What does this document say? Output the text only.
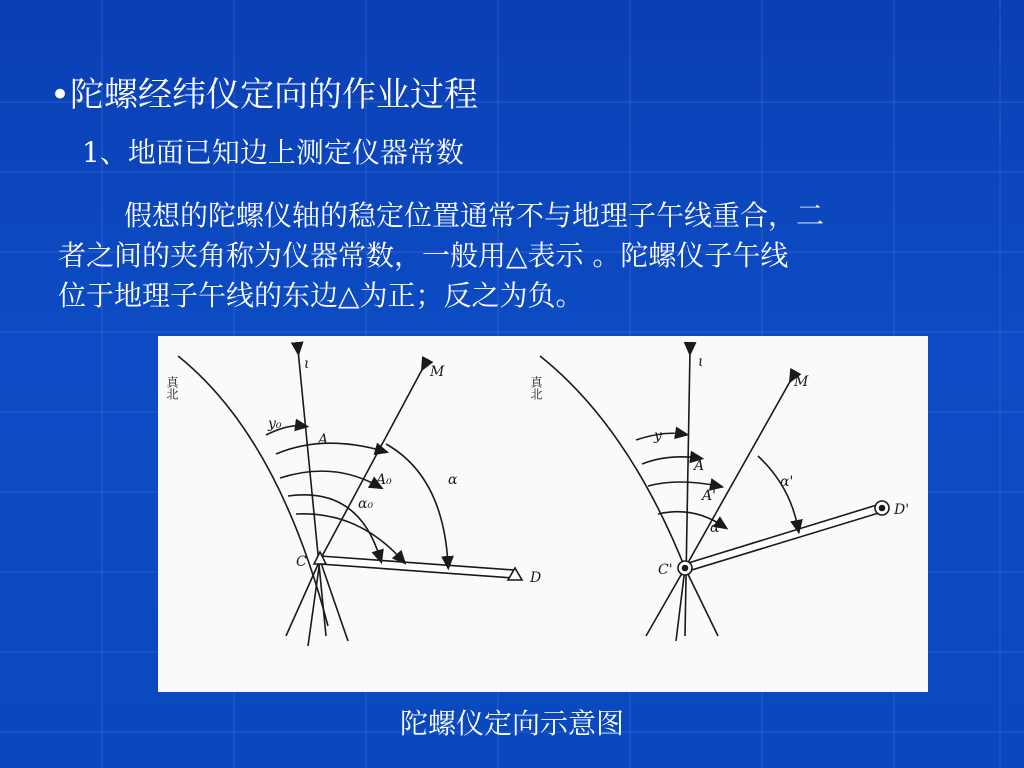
•陀螺经纬仪定向的作业过程
1、地面已知边上测定仪器常数
假想的陀螺仪轴的稳定位置通常不与地理子午线重合，二
者之间的夹角称为仪器常数，一般用△表示 。陀螺仪子午线
位于地理子午线的东边△为正；反之为负。
真北
ι	M
y₀
A
A₀
α₀
α
C
D
真北
ι
M
y
A
A'
α
α'
C'
D'
陀螺仪定向示意图
